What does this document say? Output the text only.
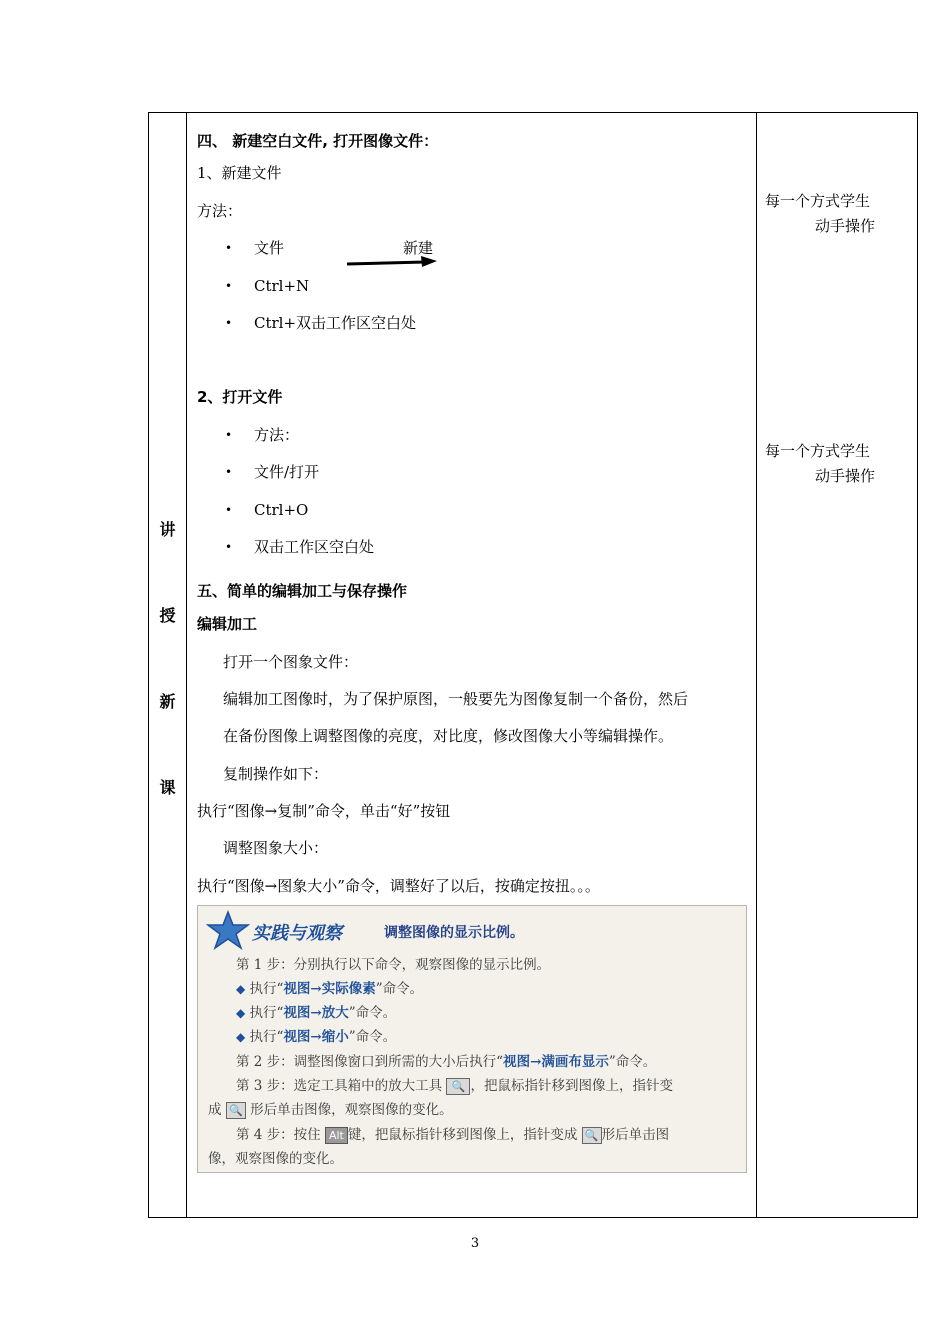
讲
授
新
课
四、 新建空白文件, 打开图像文件：
1、新建文件
方法：
• 文件	新建
• Ctrl+N
• Ctrl+双击工作区空白处
2、打开文件
• 方法：
• 文件/打开
• Ctrl+O
• 双击工作区空白处
五、简单的编辑加工与保存操作
编辑加工
打开一个图象文件：
编辑加工图像时，为了保护原图，一般要先为图像复制一个备份，然后
在备份图像上调整图像的亮度，对比度，修改图像大小等编辑操作。
复制操作如下：
执行“图像→复制”命令，单击“好”按钮
调整图象大小：
执行“图像→图象大小”命令，调整好了以后，按确定按扭。。。
实践与观察	调整图像的显示比例。
第 1 步：分别执行以下命令，观察图像的显示比例。
◆ 执行“视图→实际像素”命令。
◆ 执行“视图→放大”命令。
◆ 执行“视图→缩小”命令。
第 2 步：调整图像窗口到所需的大小后执行“视图→满画布显示”命令。
第 3 步：选定工具箱中的放大工具 🔍 ，把鼠标指针移到图像上，指针变
成 🔍 形后单击图像，观察图像的变化。
第 4 步：按住 Alt 键，把鼠标指针移到图像上，指针变成 🔍 形后单击图
像，观察图像的变化。
每一个方式学生
动手操作
每一个方式学生
动手操作
3
